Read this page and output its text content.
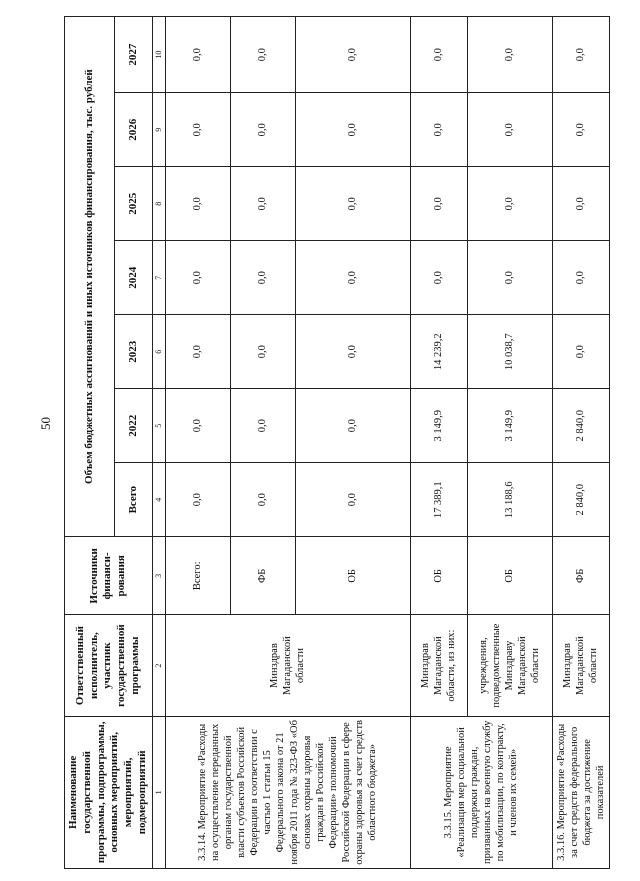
50
Наименование государственной программы, подпрограммы, основных мероприятий, мероприятий, подмероприятий	Ответственный исполнитель, участник государственной программы	Источники финанси-рования	Объем бюджетных ассигнований и иных источников финансирования, тыс. рублей						
			Всего	2022	2023	2024	2025	2026	2027
1	2	3	4	5	6	7	8	9	10
3.3.14. Мероприятие «Расходы на осуществление переданных органам государственной власти субъектов Российской Федерации в соответствии с частью 1 статьи 15 Федерального закона от 21 ноября 2011 года № 323-ФЗ «Об основах охраны здоровья граждан в Российской Федерации» полномочий Российской Федерации в сфере охраны здоровья за счет средств областного бюджета»	Минздрав Магаданской области	Всего:	0,0	0,0	0,0	0,0	0,0	0,0	0,0
		ФБ	0,0	0,0	0,0	0,0	0,0	0,0	0,0
		ОБ	0,0	0,0	0,0	0,0	0,0	0,0	0,0
3.3.15. Мероприятие «Реализация мер социальной поддержки граждан, призванных на военную службу по мобилизации, по контракту, и членов их семей»	Минздрав Магаданской области, из них:	ОБ	17 389,1	3 149,9	14 239,2	0,0	0,0	0,0	0,0
	учреждения, подведомственные Минздраву Магаданской области	ОБ	13 188,6	3 149,9	10 038,7	0,0	0,0	0,0	0,0
3.3.16. Мероприятие «Расходы за счет средств федерального бюджета за достижение показателей	Минздрав Магаданской области	ФБ	2 840,0	2 840,0	0,0	0,0	0,0	0,0	0,0
